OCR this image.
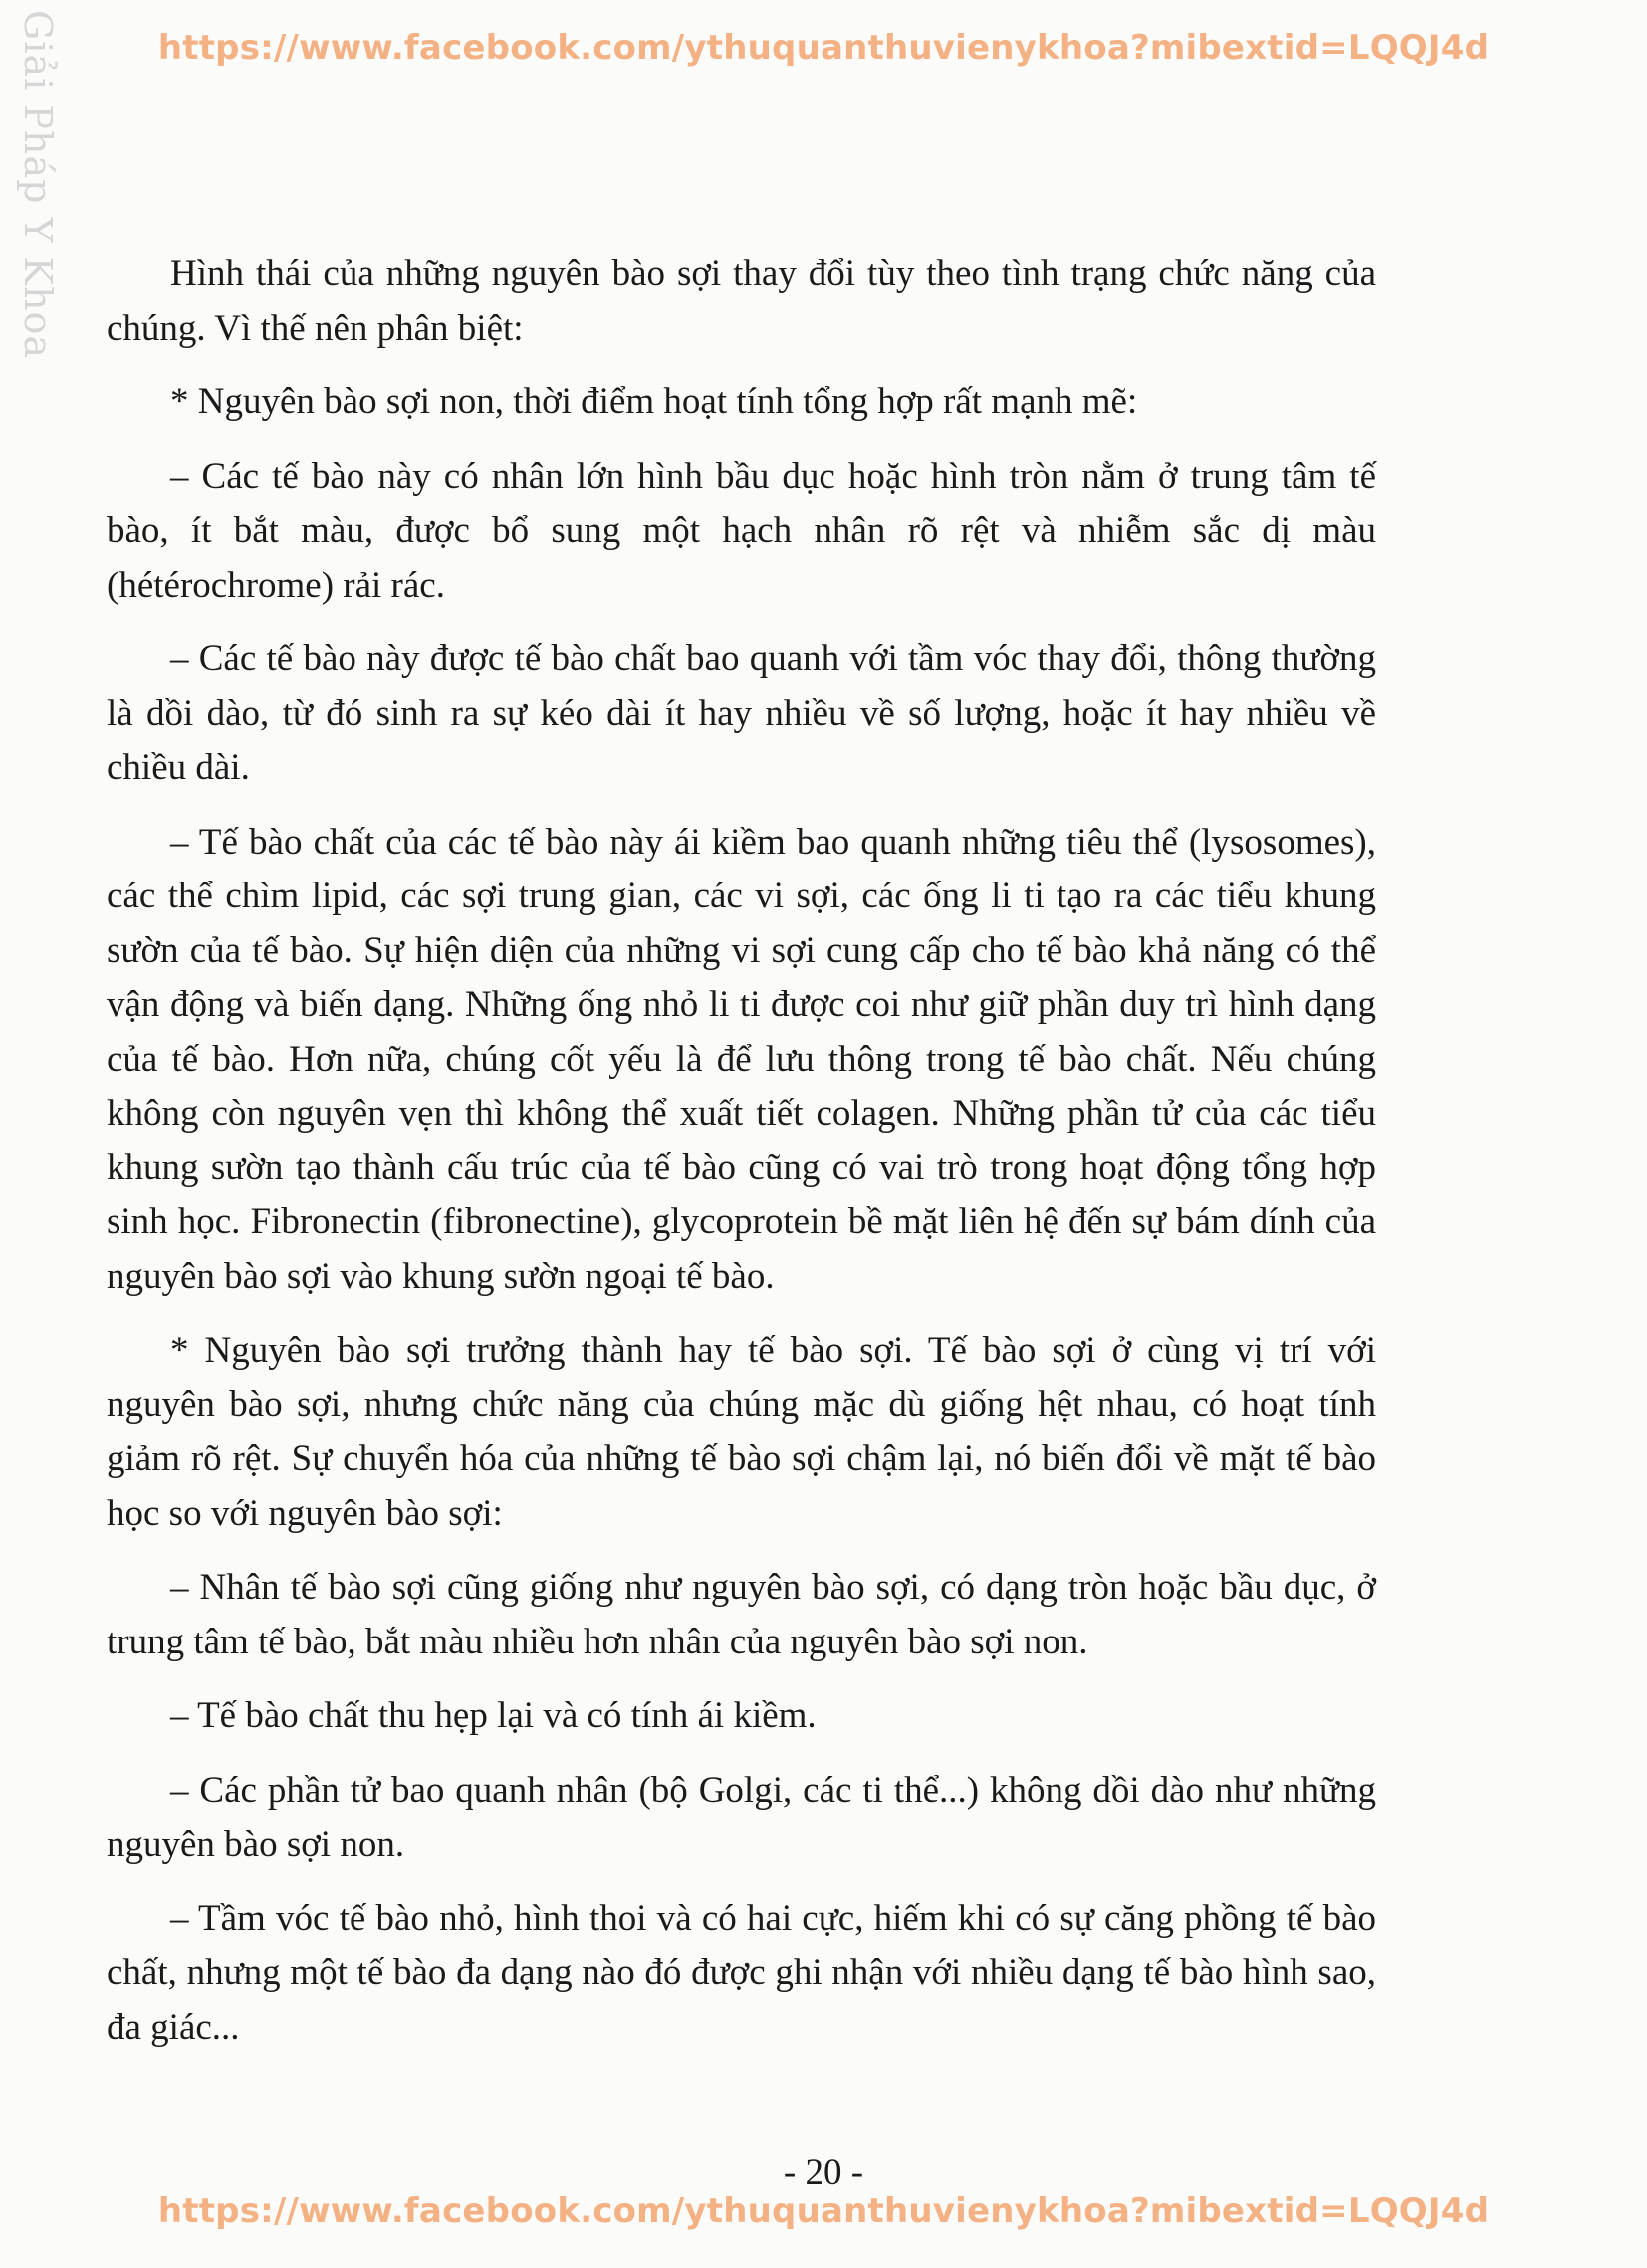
https://www.facebook.com/ythuquanthuvienykhoa?mibextid=LQQJ4d
Giải Pháp Y Khoa	Hình thái của những nguyên bào sợi thay đổi tùy theo tình trạng chức năng của chúng. Vì thế nên phân biệt:

* Nguyên bào sợi non, thời điểm hoạt tính tổng hợp rất mạnh mẽ:

– Các tế bào này có nhân lớn hình bầu dục hoặc hình tròn nằm ở trung tâm tế bào, ít bắt màu, được bổ sung một hạch nhân rõ rệt và nhiễm sắc dị màu (hétérochrome) rải rác.

– Các tế bào này được tế bào chất bao quanh với tầm vóc thay đổi, thông thường là dồi dào, từ đó sinh ra sự kéo dài ít hay nhiều về số lượng, hoặc ít hay nhiều về chiều dài.

– Tế bào chất của các tế bào này ái kiềm bao quanh những tiêu thể (lysosomes), các thể chìm lipid, các sợi trung gian, các vi sợi, các ống li ti tạo ra các tiểu khung sườn của tế bào. Sự hiện diện của những vi sợi cung cấp cho tế bào khả năng có thể vận động và biến dạng. Những ống nhỏ li ti được coi như giữ phần duy trì hình dạng của tế bào. Hơn nữa, chúng cốt yếu là để lưu thông trong tế bào chất. Nếu chúng không còn nguyên vẹn thì không thể xuất tiết colagen. Những phần tử của các tiểu khung sườn tạo thành cấu trúc của tế bào cũng có vai trò trong hoạt động tổng hợp sinh học. Fibronectin (fibronectine), glycoprotein bề mặt liên hệ đến sự bám dính của nguyên bào sợi vào khung sườn ngoại tế bào.

* Nguyên bào sợi trưởng thành hay tế bào sợi. Tế bào sợi ở cùng vị trí với nguyên bào sợi, nhưng chức năng của chúng mặc dù giống hệt nhau, có hoạt tính giảm rõ rệt. Sự chuyển hóa của những tế bào sợi chậm lại, nó biến đổi về mặt tế bào học so với nguyên bào sợi:

– Nhân tế bào sợi cũng giống như nguyên bào sợi, có dạng tròn hoặc bầu dục, ở trung tâm tế bào, bắt màu nhiều hơn nhân của nguyên bào sợi non.

– Tế bào chất thu hẹp lại và có tính ái kiềm.

– Các phần tử bao quanh nhân (bộ Golgi, các ti thể...) không dồi dào như những nguyên bào sợi non.

– Tầm vóc tế bào nhỏ, hình thoi và có hai cực, hiếm khi có sự căng phồng tế bào chất, nhưng một tế bào đa dạng nào đó được ghi nhận với nhiều dạng tế bào hình sao, đa giác...

- 20 -
https://www.facebook.com/ythuquanthuvienykhoa?mibextid=LQQJ4d
